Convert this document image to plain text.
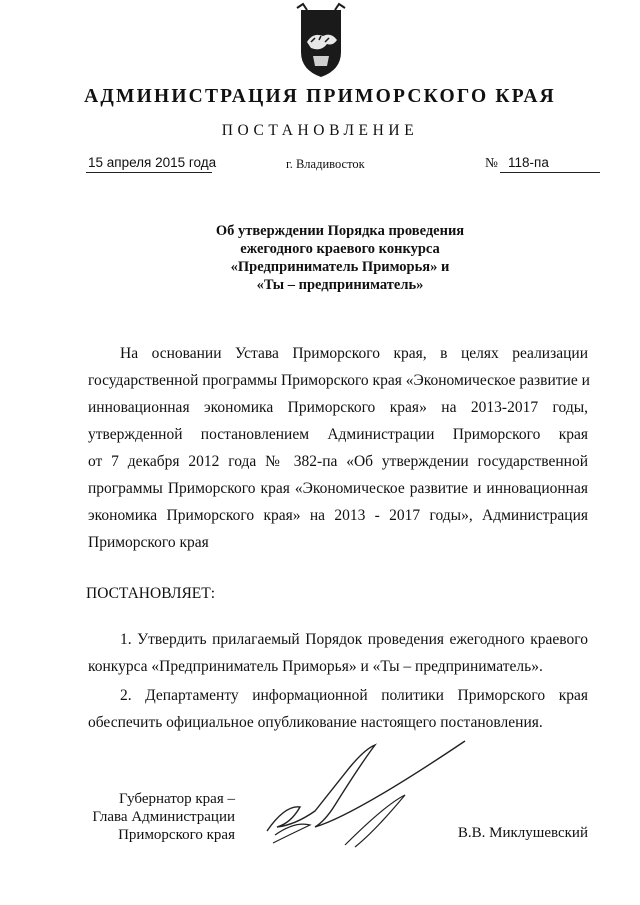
АДМИНИСТРАЦИЯ ПРИМОРСКОГО КРАЯ
ПОСТАНОВЛЕНИЕ
15 апреля 2015 года	г. Владивосток	№ 118-па
Об утверждении Порядка проведения
ежегодного краевого конкурса
«Предприниматель Приморья» и
«Ты – предприниматель»
На основании Устава Приморского края, в целях реализации
государственной программы Приморского края «Экономическое развитие и
инновационная экономика Приморского края» на 2013-2017 годы,
утвержденной постановлением Администрации Приморского края
от 7 декабря 2012 года № 382-па «Об утверждении государственной
программы Приморского края «Экономическое развитие и инновационная
экономика Приморского края» на 2013 - 2017 годы», Администрация
Приморского края
ПОСТАНОВЛЯЕТ:
1. Утвердить прилагаемый Порядок проведения ежегодного краевого
конкурса «Предприниматель Приморья» и «Ты – предприниматель».
2. Департаменту информационной политики Приморского края
обеспечить официальное опубликование настоящего постановления.
Губернатор края –
Глава Администрации
Приморского края	В.В. Миклушевский
